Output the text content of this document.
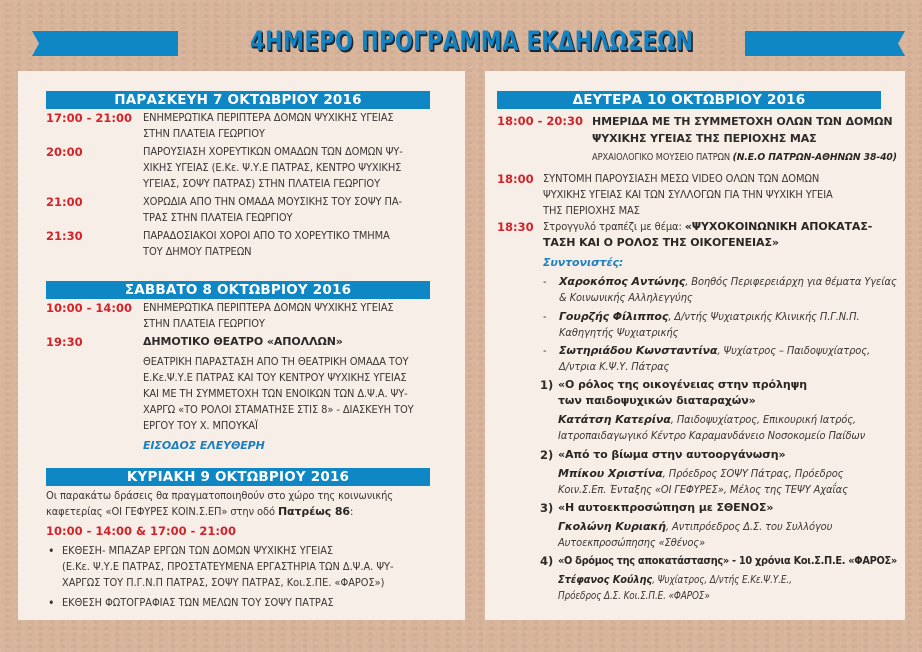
4ΗΜΕΡΟ ΠΡΟΓΡΑΜΜΑ ΕΚΔΗΛΩΣΕΩΝ
ΠΑΡΑΣΚΕΥΗ 7 ΟΚΤΩΒΡΙΟΥ 2016
17:00 - 21:00 ΕΝΗΜΕΡΩΤΙΚΑ ΠΕΡΙΠΤΕΡΑ ΔΟΜΩΝ ΨΥΧΙΚΗΣ ΥΓΕΙΑΣ
ΣΤΗΝ ΠΛΑΤΕΙΑ ΓΕΩΡΓΙΟΥ
20:00	ΠΑΡΟΥΣΙΑΣΗ ΧΟΡΕΥΤΙΚΩΝ ΟΜΑΔΩΝ ΤΩΝ ΔΟΜΩΝ ΨΥ-
ΧΙΚΗΣ ΥΓΕΙΑΣ (Ε.Κε. Ψ.Υ.Ε ΠΑΤΡΑΣ, ΚΕΝΤΡΟ ΨΥΧΙΚΗΣ
ΥΓΕΙΑΣ, ΣΟΨΥ ΠΑΤΡΑΣ) ΣΤΗΝ ΠΛΑΤΕΙΑ ΓΕΩΡΓΙΟΥ
21:00	ΧΟΡΩΔΙΑ ΑΠΟ ΤΗΝ ΟΜΑΔΑ ΜΟΥΣΙΚΗΣ ΤΟΥ ΣΟΨΥ ΠΑ-
ΤΡΑΣ ΣΤΗΝ ΠΛΑΤΕΙΑ ΓΕΩΡΓΙΟΥ
21:30	ΠΑΡΑΔΟΣΙΑΚΟΙ ΧΟΡΟΙ ΑΠΟ ΤΟ ΧΟΡΕΥΤΙΚΟ ΤΜΗΜΑ
ΤΟΥ ΔΗΜΟΥ ΠΑΤΡΕΩΝ
ΣΑΒΒΑΤΟ 8 ΟΚΤΩΒΡΙΟΥ 2016
10:00 - 14:00 ΕΝΗΜΕΡΩΤΙΚΑ ΠΕΡΙΠΤΕΡΑ ΔΟΜΩΝ ΨΥΧΙΚΗΣ ΥΓΕΙΑΣ
ΣΤΗΝ ΠΛΑΤΕΙΑ ΓΕΩΡΓΙΟΥ
19:30	ΔΗΜΟΤΙΚΟ ΘΕΑΤΡΟ «ΑΠΟΛΛΩΝ»
ΘΕΑΤΡΙΚΗ ΠΑΡΑΣΤΑΣΗ ΑΠΟ ΤΗ ΘΕΑΤΡΙΚΗ ΟΜΑΔΑ ΤΟΥ
Ε.Κε.Ψ.Υ.Ε ΠΑΤΡΑΣ ΚΑΙ ΤΟΥ ΚΕΝΤΡΟΥ ΨΥΧΙΚΗΣ ΥΓΕΙΑΣ
ΚΑΙ ΜΕ ΤΗ ΣΥΜΜΕΤΟΧΗ ΤΩΝ ΕΝΟΙΚΩΝ ΤΩΝ Δ.Ψ.Α. ΨΥ-
ΧΑΡΓΩ «ΤΟ ΡΟΛΟΙ ΣΤΑΜΑΤΗΣΕ ΣΤΙΣ 8» - ΔΙΑΣΚΕΥΗ ΤΟΥ
ΕΡΓΟΥ ΤΟΥ Χ. ΜΠΟΥΚΑΪ
ΕΙΣΟΔΟΣ ΕΛΕΥΘΕΡΗ
ΚΥΡΙΑΚΗ 9 ΟΚΤΩΒΡΙΟΥ 2016
Οι παρακάτω δράσεις θα πραγματοποιηθούν στο χώρο της κοινωνικής
καφετερίας «ΟΙ ΓΕΦΥΡΕΣ ΚΟΙΝ.Σ.ΕΠ» στην οδό Πατρέως 86:
10:00 - 14:00 & 17:00 - 21:00
• ΕΚΘΕΣΗ- ΜΠΑΖΑΡ ΕΡΓΩΝ ΤΩΝ ΔΟΜΩΝ ΨΥΧΙΚΗΣ ΥΓΕΙΑΣ
(Ε.Κε. Ψ.Υ.Ε ΠΑΤΡΑΣ, ΠΡΟΣΤΑΤΕΥΜΕΝΑ ΕΡΓΑΣΤΗΡΙΑ ΤΩΝ Δ.Ψ.Α. ΨΥ-
ΧΑΡΓΩΣ ΤΟΥ Π.Γ.Ν.Π ΠΑΤΡΑΣ, ΣΟΨΥ ΠΑΤΡΑΣ, Κοι.Σ.ΠΕ. «ΦΑΡΟΣ»)
• ΕΚΘΕΣΗ ΦΩΤΟΓΡΑΦΙΑΣ ΤΩΝ ΜΕΛΩΝ ΤΟΥ ΣΟΨΥ ΠΑΤΡΑΣ
ΔΕΥΤΕΡΑ 10 ΟΚΤΩΒΡΙΟΥ 2016
18:00 - 20:30 ΗΜΕΡΙΔΑ ΜΕ ΤΗ ΣΥΜΜΕΤΟΧΗ ΟΛΩΝ ΤΩΝ ΔΟΜΩΝ
ΨΥΧΙΚΗΣ ΥΓΕΙΑΣ ΤΗΣ ΠΕΡΙΟΧΗΣ ΜΑΣ
ΑΡΧΑΙΟΛΟΓΙΚΟ ΜΟΥΣΕΙΟ ΠΑΤΡΩΝ (Ν.Ε.Ο ΠΑΤΡΩΝ-ΑΘΗΝΩΝ 38-40)
18:00 ΣΥΝΤΟΜΗ ΠΑΡΟΥΣΙΑΣΗ ΜΕΣΩ VIDEO ΟΛΩΝ ΤΩΝ ΔΟΜΩΝ
ΨΥΧΙΚΗΣ ΥΓΕΙΑΣ ΚΑΙ ΤΩΝ ΣΥΛΛΟΓΩΝ ΓΙΑ ΤΗΝ ΨΥΧΙΚΗ ΥΓΕΙΑ
ΤΗΣ ΠΕΡΙΟΧΗΣ ΜΑΣ
18:30 Στρογγυλό τραπέζι με θέμα: «ΨΥΧΟΚΟΙΝΩΝΙΚΗ ΑΠΟΚΑΤΑΣ-
ΤΑΣΗ ΚΑΙ Ο ΡΟΛΟΣ ΤΗΣ ΟΙΚΟΓΕΝΕΙΑΣ»
Συντονιστές:
- Χαροκόπος Αντώνης, Βοηθός Περιφερειάρχη για θέματα Υγείας
& Κοινωνικής Αλληλεγγύης
- Γουρζής Φίλιππος, Δ/ντής Ψυχιατρικής Κλινικής Π.Γ.Ν.Π.
Καθηγητής Ψυχιατρικής
- Σωτηριάδου Κωνσταντίνα, Ψυχίατρος – Παιδοψυχίατρος,
Δ/ντρια Κ.Ψ.Υ. Πάτρας
1) «Ο ρόλος της οικογένειας στην πρόληψη
των παιδοψυχικών διαταραχών»
Κατάτση Κατερίνα, Παιδοψυχίατρος, Επικουρική Ιατρός,
Ιατροπαιδαγωγικό Κέντρο Καραμανδάνειο Νοσοκομείο Παίδων
2) «Από το βίωμα στην αυτοοργάνωση»
Μπίκου Χριστίνα, Πρόεδρος ΣΟΨΥ Πάτρας, Πρόεδρος
Κοιν.Σ.Επ. Ένταξης «ΟΙ ΓΕΦΥΡΕΣ», Μέλος της ΤΕΨΥ Αχαΐας
3) «Η αυτοεκπροσώπηση με ΣΘΕΝΟΣ»
Γκολώνη Κυριακή, Αντιπρόεδρος Δ.Σ. του Συλλόγου
Αυτοεκπροσώπησης «Σθένος»
4) «Ο δρόμος της αποκατάστασης» - 10 χρόνια Κοι.Σ.Π.Ε. «ΦΑΡΟΣ»
Στέφανος Κούλης, Ψυχίατρος, Δ/ντής Ε.Κε.Ψ.Υ.Ε.,
Πρόεδρος Δ.Σ. Κοι.Σ.Π.Ε. «ΦΑΡΟΣ»
